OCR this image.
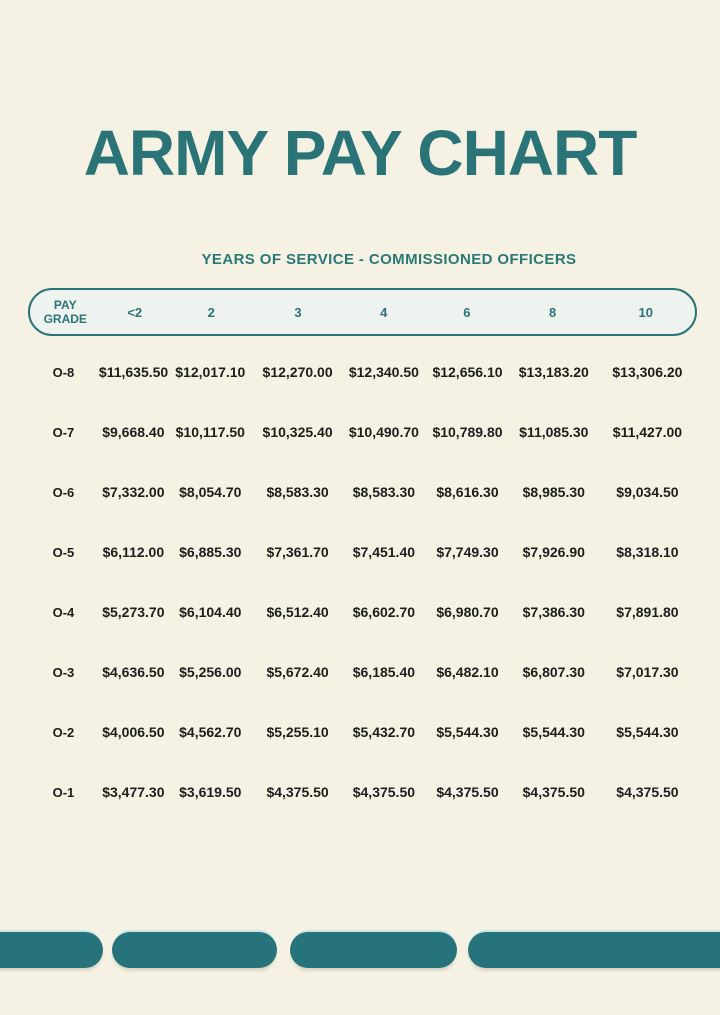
ARMY PAY CHART
YEARS OF SERVICE - COMMISSIONED OFFICERS
PAY GRADE	<2	2	3	4	6	8	10
O-8	$11,635.50 $12,017.10	$12,270.00	$12,340.50 $12,656.10	$13,183.20	$13,306.20
O-7	$9,668.40 $10,117.50	$10,325.40	$10,490.70 $10,789.80	$11,085.30	$11,427.00
O-6	$7,332.00	$8,054.70	$8,583.30	$8,583.30	$8,616.30	$8,985.30	$9,034.50
O-5	$6,112.00	$6,885.30	$7,361.70	$7,451.40	$7,749.30	$7,926.90	$8,318.10
O-4	$5,273.70	$6,104.40	$6,512.40	$6,602.70	$6,980.70	$7,386.30	$7,891.80
O-3	$4,636.50	$5,256.00	$5,672.40	$6,185.40	$6,482.10	$6,807.30	$7,017.30
O-2	$4,006.50	$4,562.70	$5,255.10	$5,432.70	$5,544.30	$5,544.30	$5,544.30
O-1	$3,477.30	$3,619.50	$4,375.50	$4,375.50	$4,375.50	$4,375.50	$4,375.50
